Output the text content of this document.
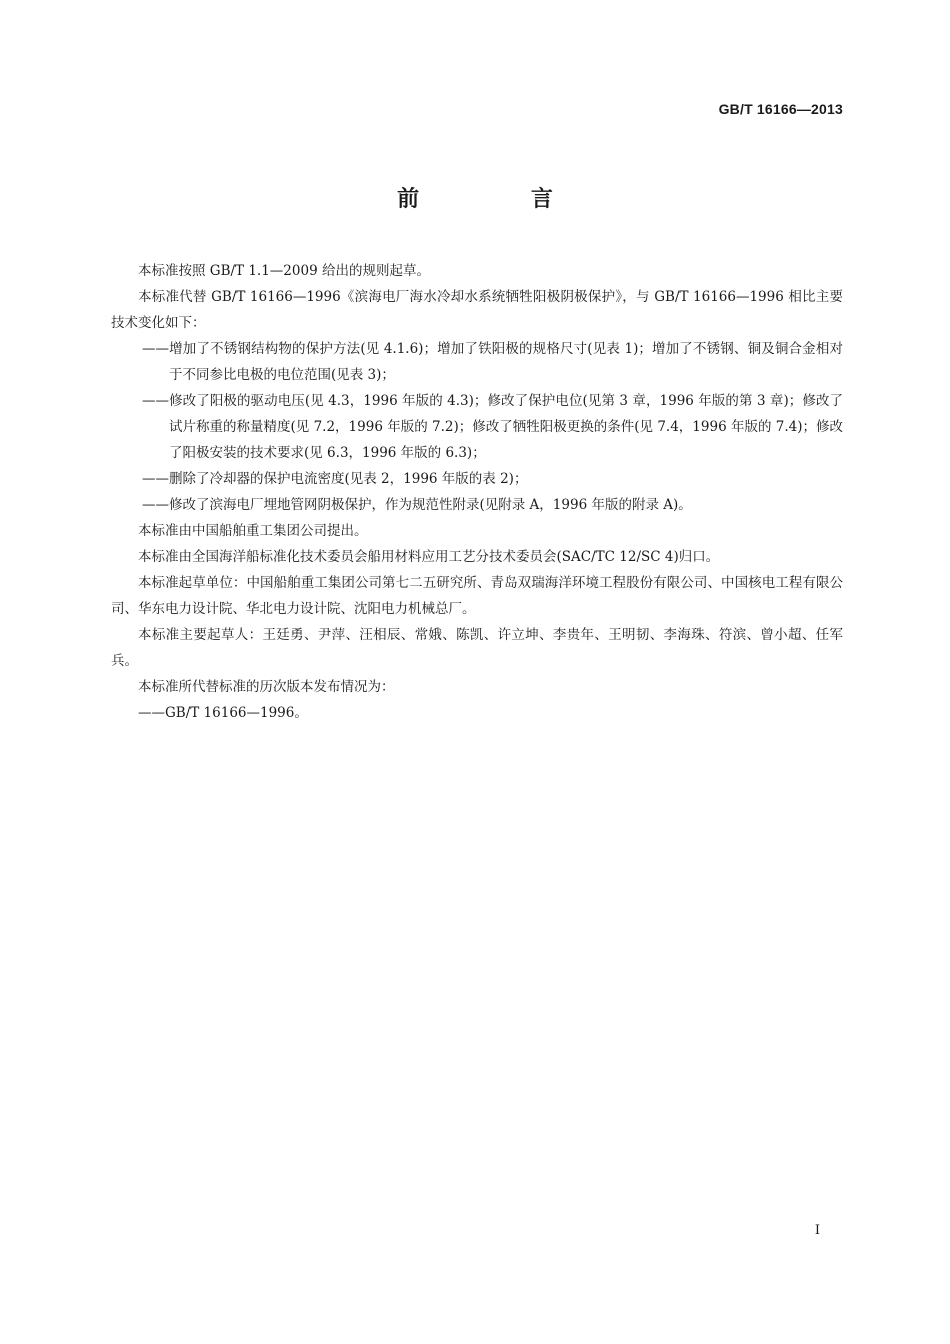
GB/T 16166—2013
前 言

本标准按照 GB/T 1.1—2009 给出的规则起草。

本标准代替 GB/T 16166—1996《滨海电厂海水冷却水系统牺牲阳极阴极保护》，与 GB/T 16166—1996 相比主要技术变化如下：

——增加了不锈钢结构物的保护方法(见 4.1.6)；增加了铁阳极的规格尺寸(见表 1)；增加了不锈钢、铜及铜合金相对于不同参比电极的电位范围(见表 3)；

——修改了阳极的驱动电压(见 4.3，1996 年版的 4.3)；修改了保护电位(见第 3 章，1996 年版的第 3 章)；修改了试片称重的称量精度(见 7.2，1996 年版的 7.2)；修改了牺牲阳极更换的条件(见 7.4，1996 年版的 7.4)；修改了阳极安装的技术要求(见 6.3，1996 年版的 6.3)；

——删除了冷却器的保护电流密度(见表 2，1996 年版的表 2)；

——修改了滨海电厂埋地管网阴极保护，作为规范性附录(见附录 A，1996 年版的附录 A)。

本标准由中国船舶重工集团公司提出。

本标准由全国海洋船标准化技术委员会船用材料应用工艺分技术委员会(SAC/TC 12/SC 4)归口。

本标准起草单位：中国船舶重工集团公司第七二五研究所、青岛双瑞海洋环境工程股份有限公司、中国核电工程有限公司、华东电力设计院、华北电力设计院、沈阳电力机械总厂。

本标准主要起草人：王廷勇、尹萍、汪相辰、常娥、陈凯、许立坤、李贵年、王明韧、李海珠、符滨、曾小超、任军兵。

本标准所代替标准的历次版本发布情况为：

——GB/T 16166—1996。

I
